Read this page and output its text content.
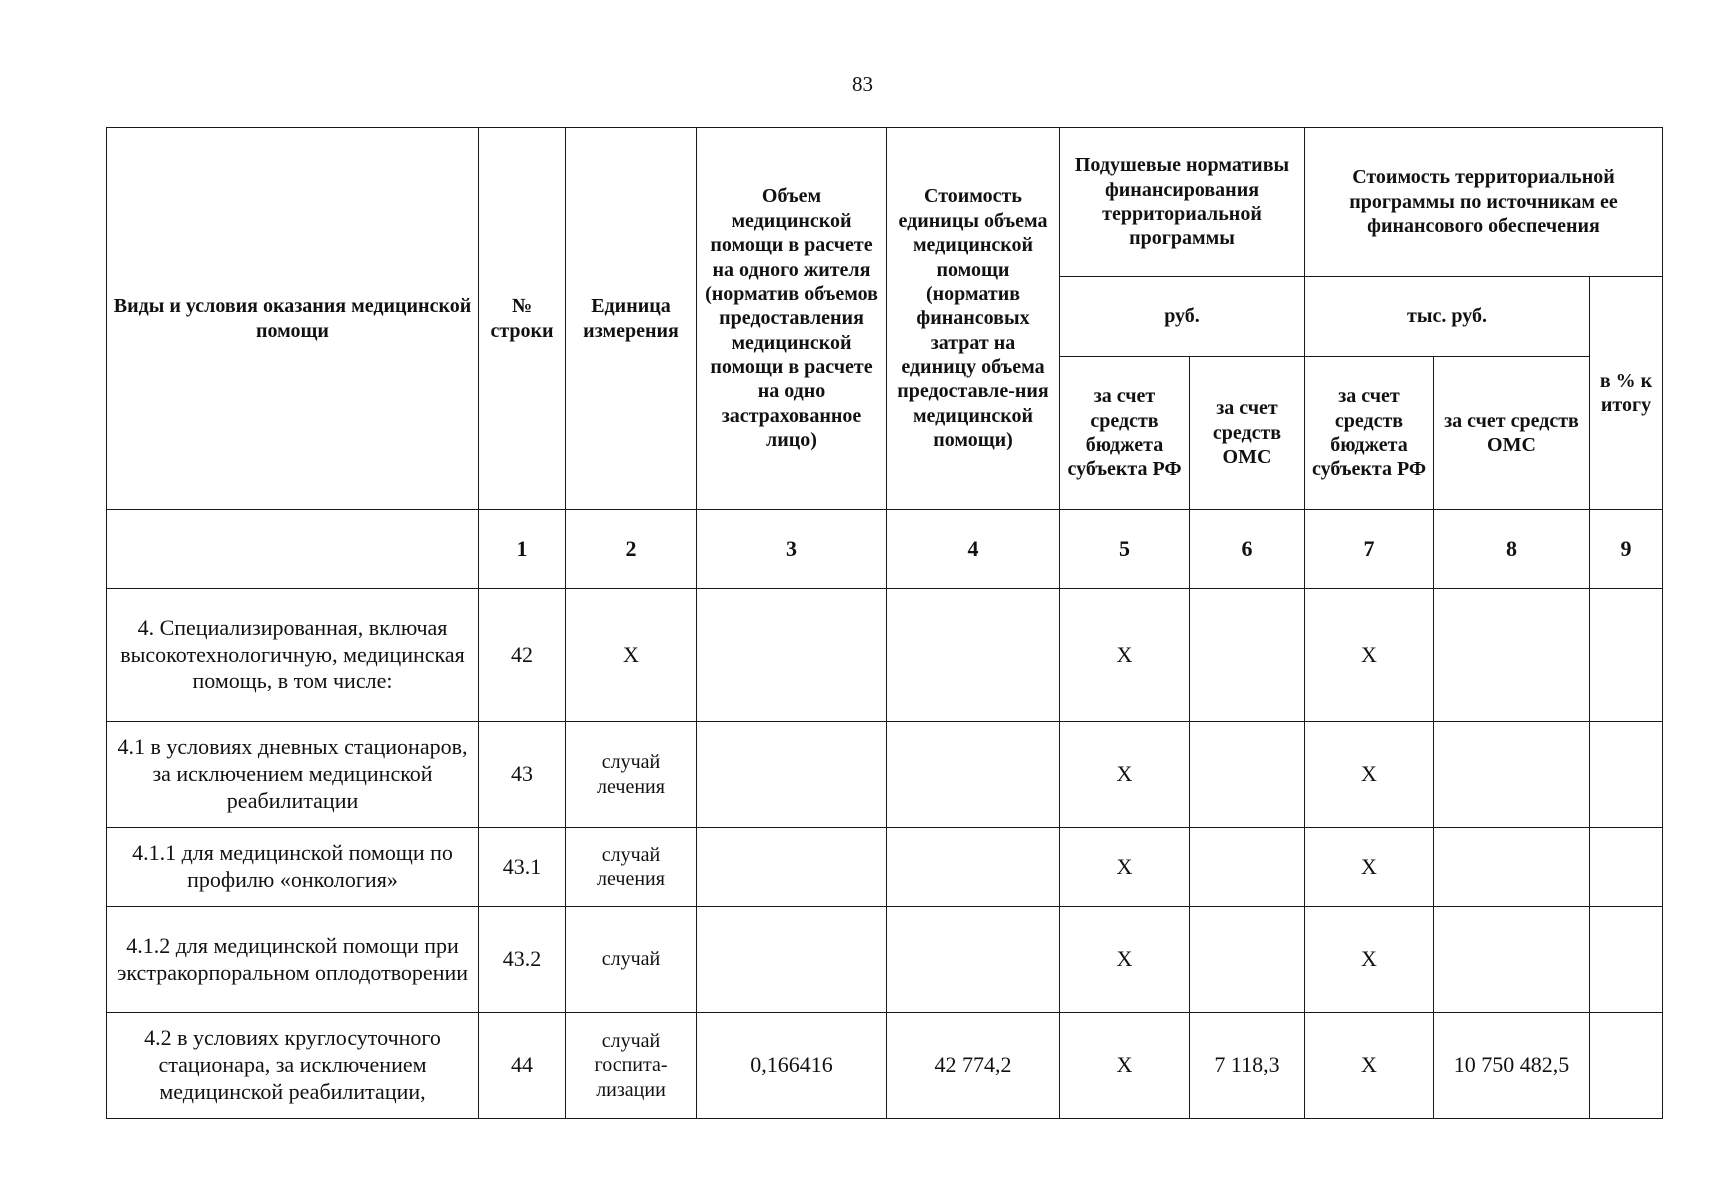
83
Виды и условия оказания медицинской помощи	№ строки	Единица измерения	Объем медицинской помощи в расчете на одного жителя (норматив объемов предоставления медицинской помощи в расчете на одно застрахованное лицо)	Стоимость единицы объема медицинской помощи (норматив финансовых затрат на единицу объема предоставле-ния медицинской помощи)	Подушевые нормативы финансирования территориальной программы		Стоимость территориальной программы по источникам ее финансового обеспечения		
					руб.		тыс. руб.		в % к итогу
					за счет средств бюджета субъекта РФ	за счет средств ОМС	за счет средств бюджета субъекта РФ	за счет средств ОМС	
	1	2	3	4	5	6	7	8	9
4. Специализированная, включая высокотехнологичную, медицинская помощь, в том числе:	42	Х			Х		Х		
4.1 в условиях дневных стационаров, за исключением медицинской реабилитации	43	случай лечения			Х		Х		
4.1.1 для медицинской помощи по профилю «онкология»	43.1	случай лечения			Х		Х		
4.1.2 для медицинской помощи при экстракорпоральном оплодотворении	43.2	случай			Х		Х		
4.2 в условиях круглосуточного стационара, за исключением медицинской реабилитации,	44	случай госпита-лизации	0,166416	42 774,2	Х	7 118,3	Х	10 750 482,5	
